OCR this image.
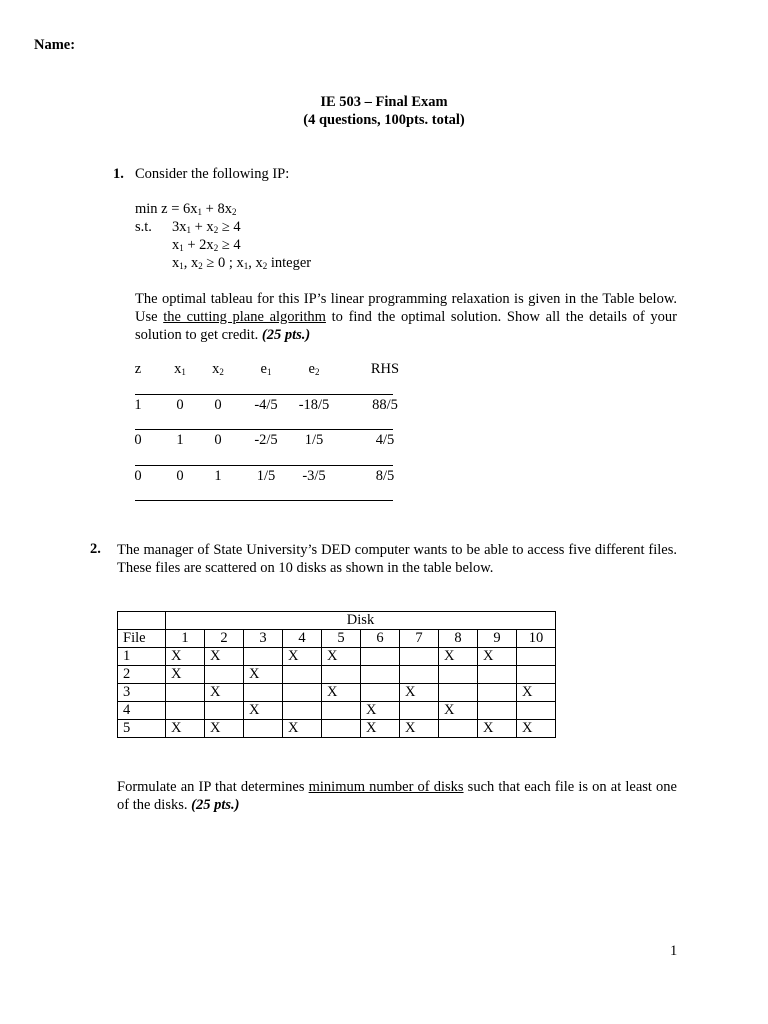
Name:
IE 503 – Final Exam
(4 questions, 100pts. total)
1. Consider the following IP:
$\min z = 6x_1 + 8x_2$
s.t. $3x_1 + x_2 \ge 4$
$x_1 + 2x_2 \ge 4$
$x_1$, $x_2 \ge 0$ ; $x_1$, $x_2$ integer
The optimal tableau for this IP’s linear programming relaxation is given in the Table below. Use the cutting plane algorithm to find the optimal solution. Show all the details of your solution to get credit. (25 pts.)
z	$x_1$	$x_2$	$e_1$	$e_2$	RHS
1	0	0	-4/5	-18/5	88/5
0	1	0	-2/5	1/5	4/5
0	0	1	1/5	-3/5	8/5
2. The manager of State University’s DED computer wants to be able to access five different files. These files are scattered on 10 disks as shown in the table below.
	Disk									
File	1	2	3	4	5	6	7	8	9	10
1	X	X		X	X			X	X	
2	X		X							
3		X			X		X			X
4			X			X		X		
5	X	X		X		X	X		X	X
Formulate an IP that determines minimum number of disks such that each file is on at least one of the disks. (25 pts.)
1
